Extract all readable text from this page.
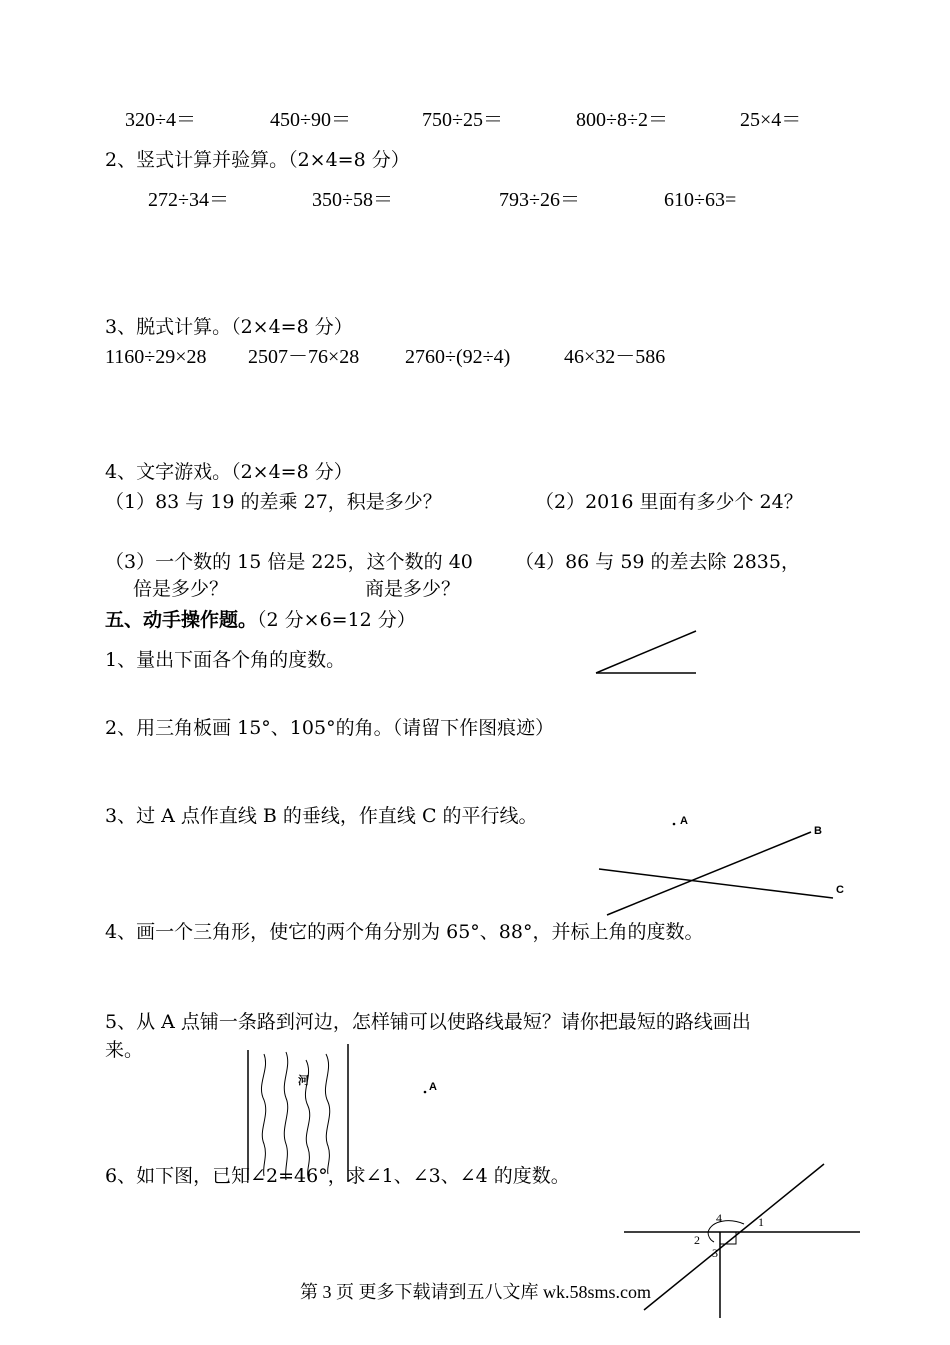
320÷4＝	450÷90＝	750÷25＝	800÷8÷2＝	25×4＝
2、竖式计算并验算。（2×4=8 分）
272÷34＝	350÷58＝	793÷26＝	610÷63=
3、脱式计算。（2×4=8 分）
1160÷29×28 2507－76×28 2760÷(92÷4)	46×32－586
4、文字游戏。（2×4=8 分）
（1）83 与 19 的差乘 27，积是多少？	（2）2016 里面有多少个 24？
（3）一个数的 15 倍是 225，这个数的 40
倍是多少？
（4）86 与 59 的差去除 2835，
商是多少？
五、动手操作题。（2 分×6=12 分）
1、量出下面各个角的度数。
2、用三角板画 15°、105°的角。（请留下作图痕迹）
3、过 A 点作直线 B 的垂线，作直线 C 的平行线。
4、画一个三角形，使它的两个角分别为 65°、88°，并标上角的度数。
5、从 A 点铺一条路到河边，怎样铺可以使路线最短？请你把最短的路线画出
来。
6、如下图，已知∠2=46°，求∠1、∠3、∠4 的度数。
A
B
C
河	A
4	1
2
3
第 3 页 更多下载请到五八文库 wk.58sms.com
